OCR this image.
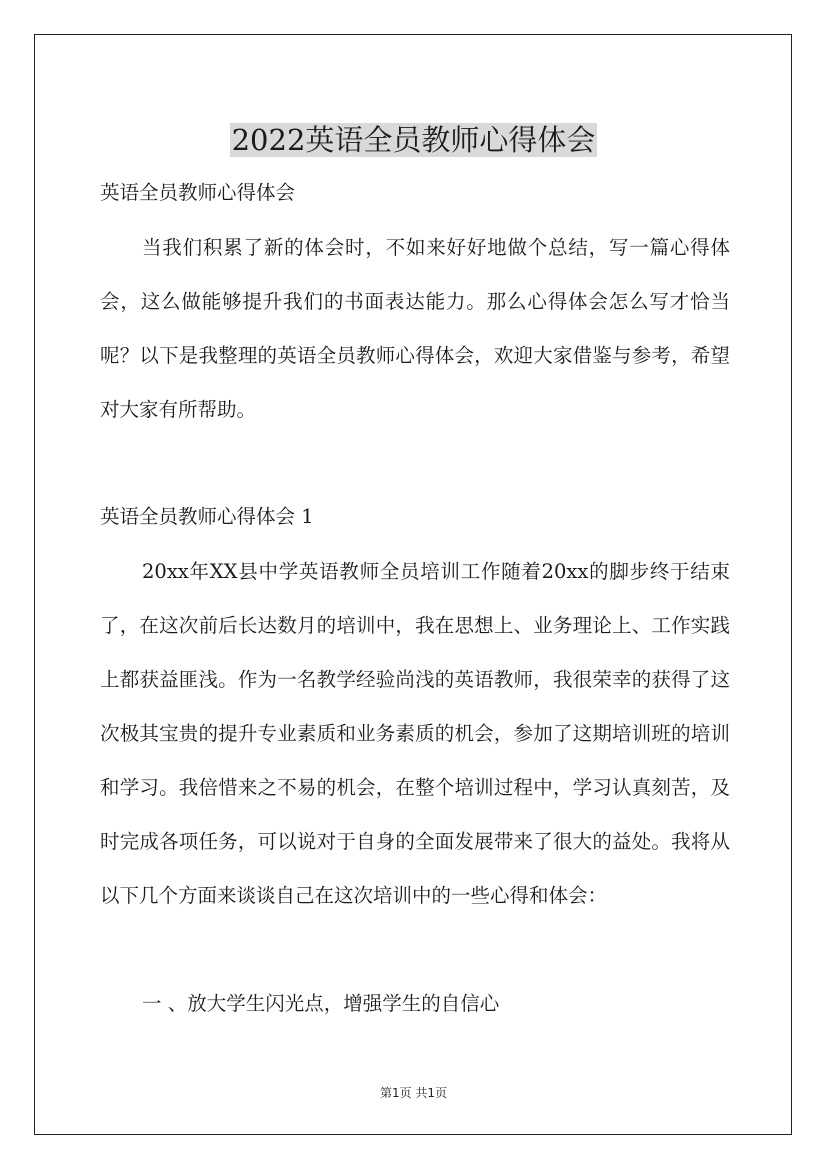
2022英语全员教师心得体会
英语全员教师心得体会
当我们积累了新的体会时，不如来好好地做个总结，写一篇心得体会，这么做能够提升我们的书面表达能力。那么心得体会怎么写才恰当呢？以下是我整理的英语全员教师心得体会，欢迎大家借鉴与参考，希望对大家有所帮助。
英语全员教师心得体会 1
20xx年XX县中学英语教师全员培训工作随着20xx的脚步终于结束了，在这次前后长达数月的培训中，我在思想上、业务理论上、工作实践上都获益匪浅。作为一名教学经验尚浅的英语教师，我很荣幸的获得了这次极其宝贵的提升专业素质和业务素质的机会，参加了这期培训班的培训和学习。我倍惜来之不易的机会，在整个培训过程中，学习认真刻苦，及时完成各项任务，可以说对于自身的全面发展带来了很大的益处。我将从以下几个方面来谈谈自己在这次培训中的一些心得和体会：
一 、放大学生闪光点，增强学生的自信心
第1页 共1页
